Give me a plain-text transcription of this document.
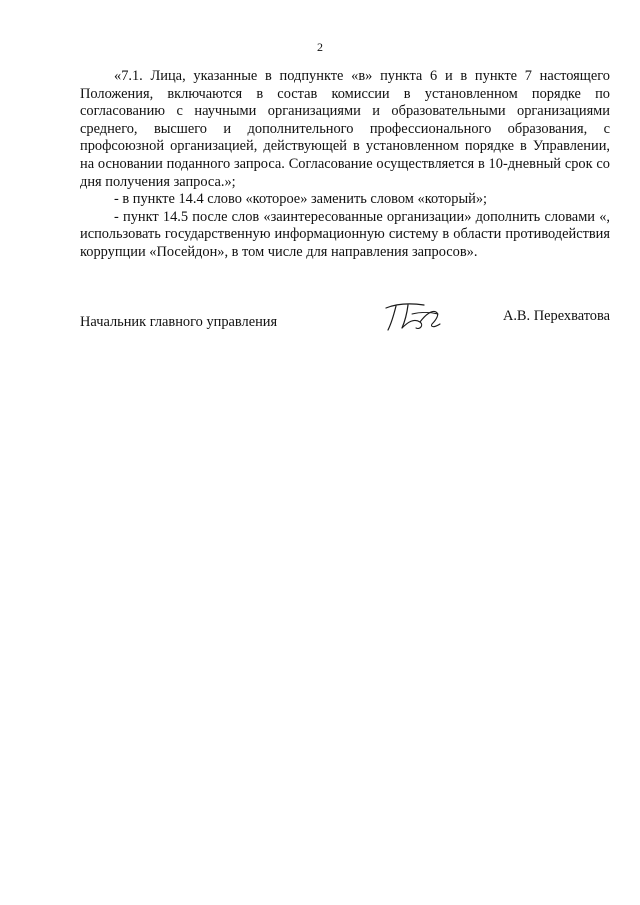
2

«7.1. Лица, указанные в подпункте «в» пункта 6 и в пункте 7 настоящего Положения, включаются в состав комиссии в установленном порядке по согласованию с научными организациями и образовательными организациями среднего, высшего и дополнительного профессионального образования, с профсоюзной организацией, действующей в установленном порядке в Управлении, на основании поданного запроса. Согласование осуществляется в 10-дневный срок со дня получения запроса.»;

- в пункте 14.4 слово «которое» заменить словом «который»;

- пункт 14.5 после слов «заинтересованные организации» дополнить словами «, использовать государственную информационную систему в области противодействия коррупции «Посейдон», в том числе для направления запросов».

Начальник главного управления	А.В. Перехватова
